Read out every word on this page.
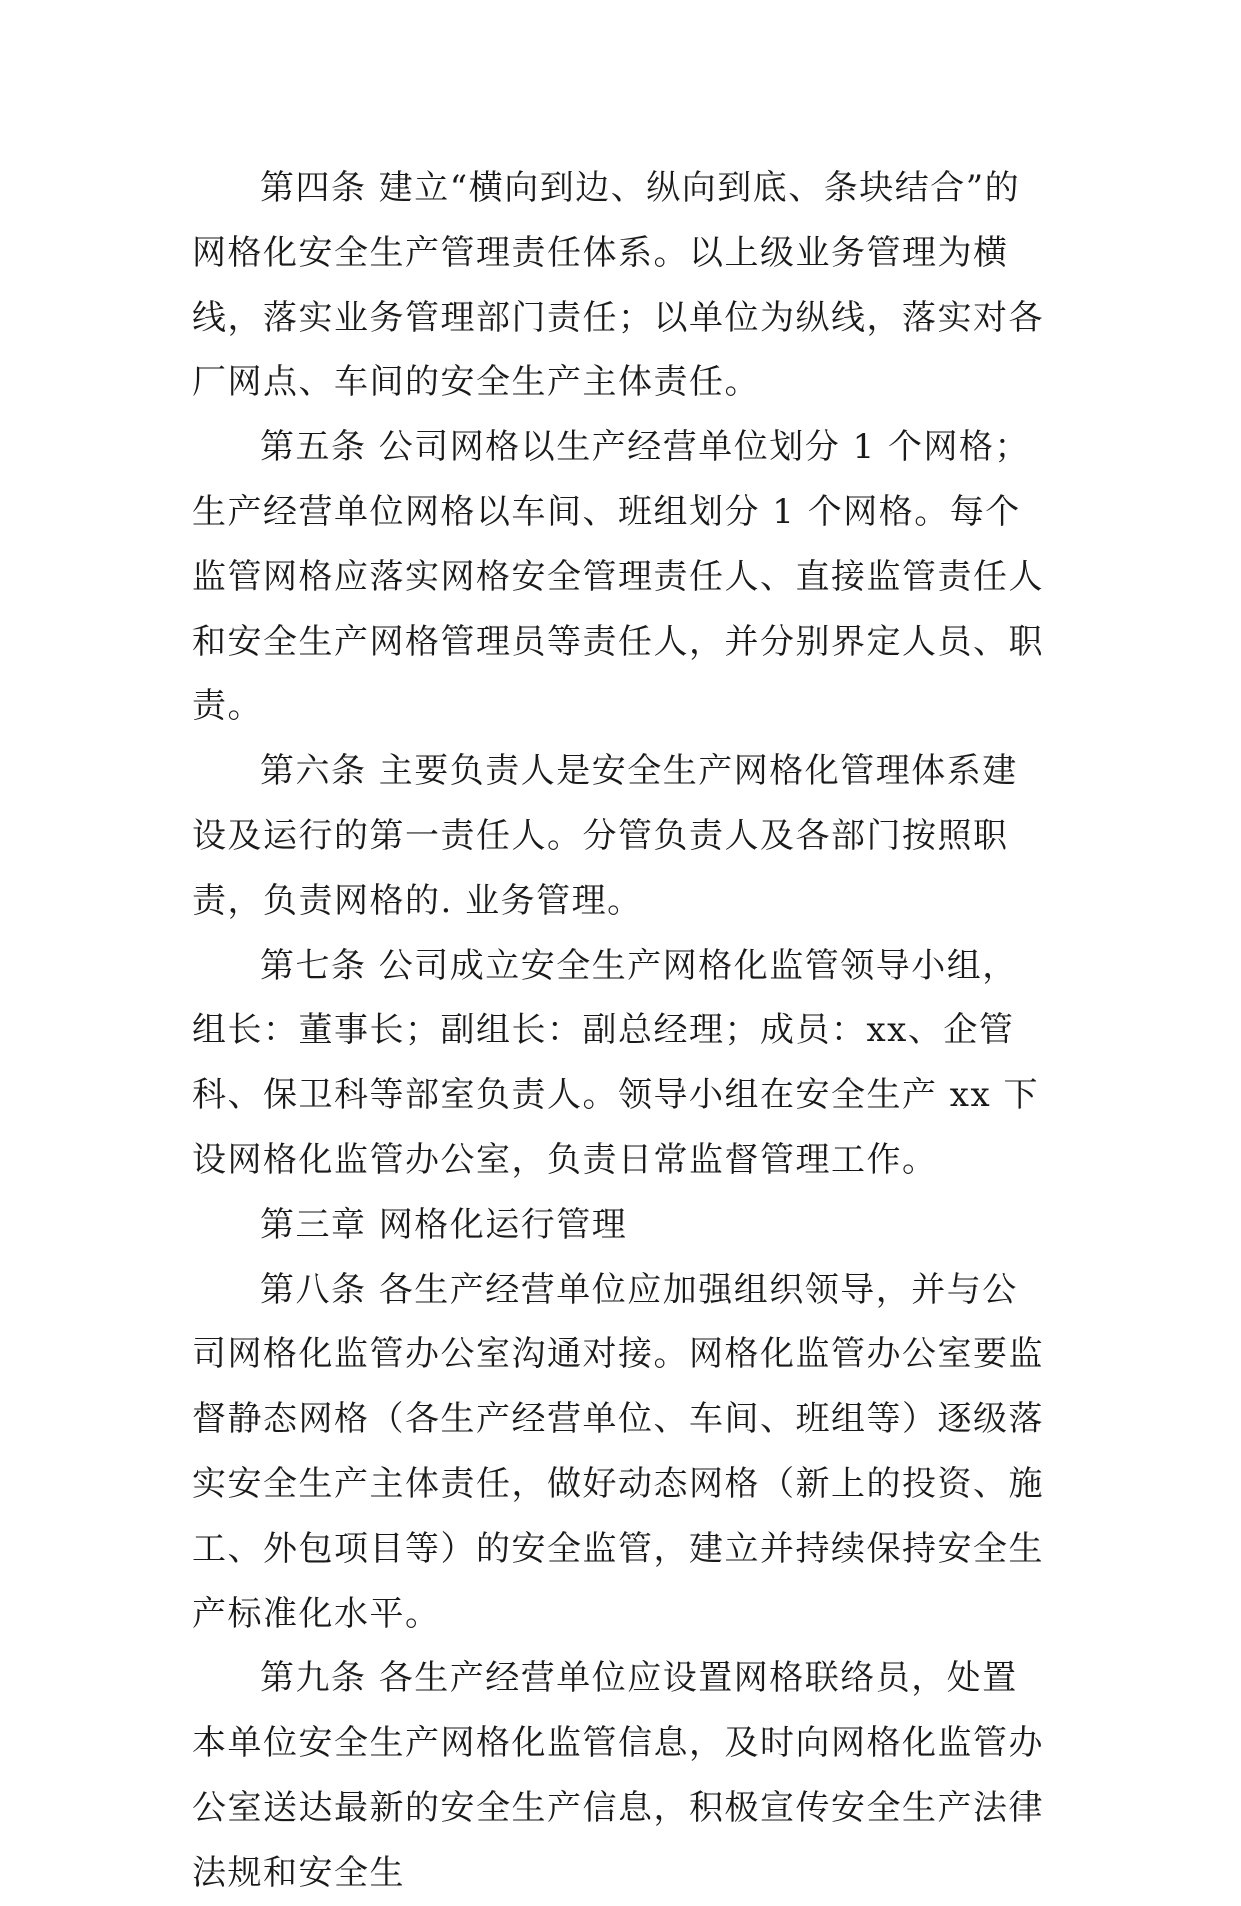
第四条 建立“横向到边、纵向到底、条块结合”的网格化安全生产管理责任体系。以上级业务管理为横线，落实业务管理部门责任；以单位为纵线，落实对各厂网点、车间的安全生产主体责任。

第五条 公司网格以生产经营单位划分 1 个网格；生产经营单位网格以车间、班组划分 1 个网格。每个监管网格应落实网格安全管理责任人、直接监管责任人和安全生产网格管理员等责任人，并分别界定人员、职责。

第六条 主要负责人是安全生产网格化管理体系建设及运行的第一责任人。分管负责人及各部门按照职责，负责网格的. 业务管理。

第七条 公司成立安全生产网格化监管领导小组，组长：董事长；副组长：副总经理；成员：xx、企管科、保卫科等部室负责人。领导小组在安全生产 xx 下设网格化监管办公室，负责日常监督管理工作。

第三章 网格化运行管理

第八条 各生产经营单位应加强组织领导，并与公司网格化监管办公室沟通对接。网格化监管办公室要监督静态网格（各生产经营单位、车间、班组等）逐级落实安全生产主体责任，做好动态网格（新上的投资、施工、外包项目等）的安全监管，建立并持续保持安全生产标准化水平。

第九条 各生产经营单位应设置网格联络员，处置本单位安全生产网格化监管信息，及时向网格化监管办公室送达最新的安全生产信息，积极宣传安全生产法律法规和安全生
